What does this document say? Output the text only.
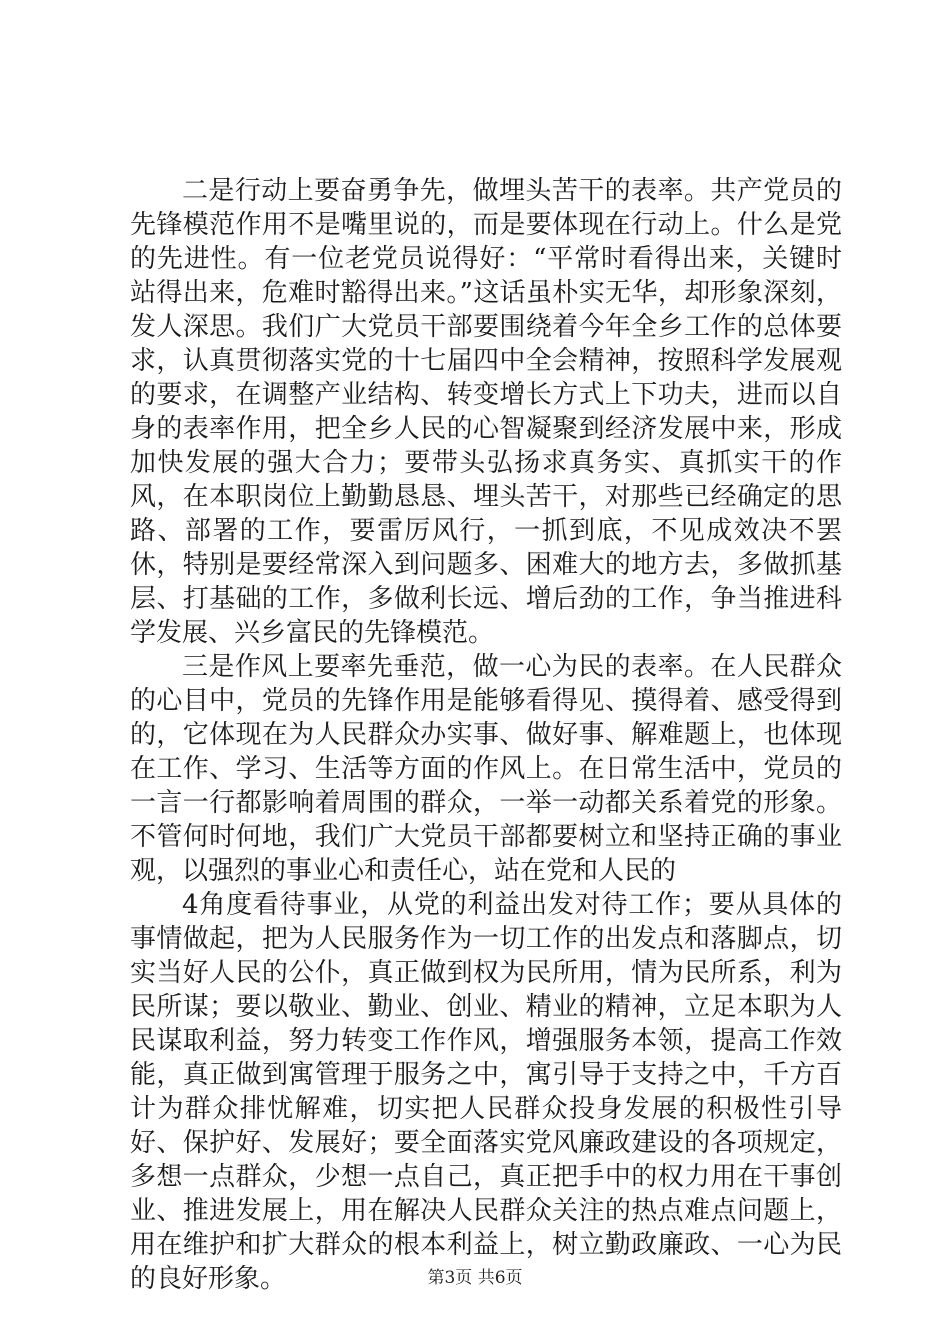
二是行动上要奋勇争先，做埋头苦干的表率。共产党员的先锋模范作用不是嘴里说的，而是要体现在行动上。什么是党的先进性。有一位老党员说得好：“平常时看得出来，关键时站得出来，危难时豁得出来。”这话虽朴实无华，却形象深刻，发人深思。我们广大党员干部要围绕着今年全乡工作的总体要求，认真贯彻落实党的十七届四中全会精神，按照科学发展观的要求，在调整产业结构、转变增长方式上下功夫，进而以自身的表率作用，把全乡人民的心智凝聚到经济发展中来，形成加快发展的强大合力；要带头弘扬求真务实、真抓实干的作风，在本职岗位上勤勤恳恳、埋头苦干，对那些已经确定的思路、部署的工作，要雷厉风行，一抓到底，不见成效决不罢休，特别是要经常深入到问题多、困难大的地方去，多做抓基层、打基础的工作，多做利长远、增后劲的工作，争当推进科学发展、兴乡富民的先锋模范。

三是作风上要率先垂范，做一心为民的表率。在人民群众的心目中，党员的先锋作用是能够看得见、摸得着、感受得到的，它体现在为人民群众办实事、做好事、解难题上，也体现在工作、学习、生活等方面的作风上。在日常生活中，党员的一言一行都影响着周围的群众，一举一动都关系着党的形象。不管何时何地，我们广大党员干部都要树立和坚持正确的事业观，以强烈的事业心和责任心，站在党和人民的

4角度看待事业，从党的利益出发对待工作；要从具体的事情做起，把为人民服务作为一切工作的出发点和落脚点，切实当好人民的公仆，真正做到权为民所用，情为民所系，利为民所谋；要以敬业、勤业、创业、精业的精神，立足本职为人民谋取利益，努力转变工作作风，增强服务本领，提高工作效能，真正做到寓管理于服务之中，寓引导于支持之中，千方百计为群众排忧解难，切实把人民群众投身发展的积极性引导好、保护好、发展好；要全面落实党风廉政建设的各项规定，多想一点群众，少想一点自己，真正把手中的权力用在干事创业、推进发展上，用在解决人民群众关注的热点难点问题上，用在维护和扩大群众的根本利益上，树立勤政廉政、一心为民的良好形象。	第3页 共6页
